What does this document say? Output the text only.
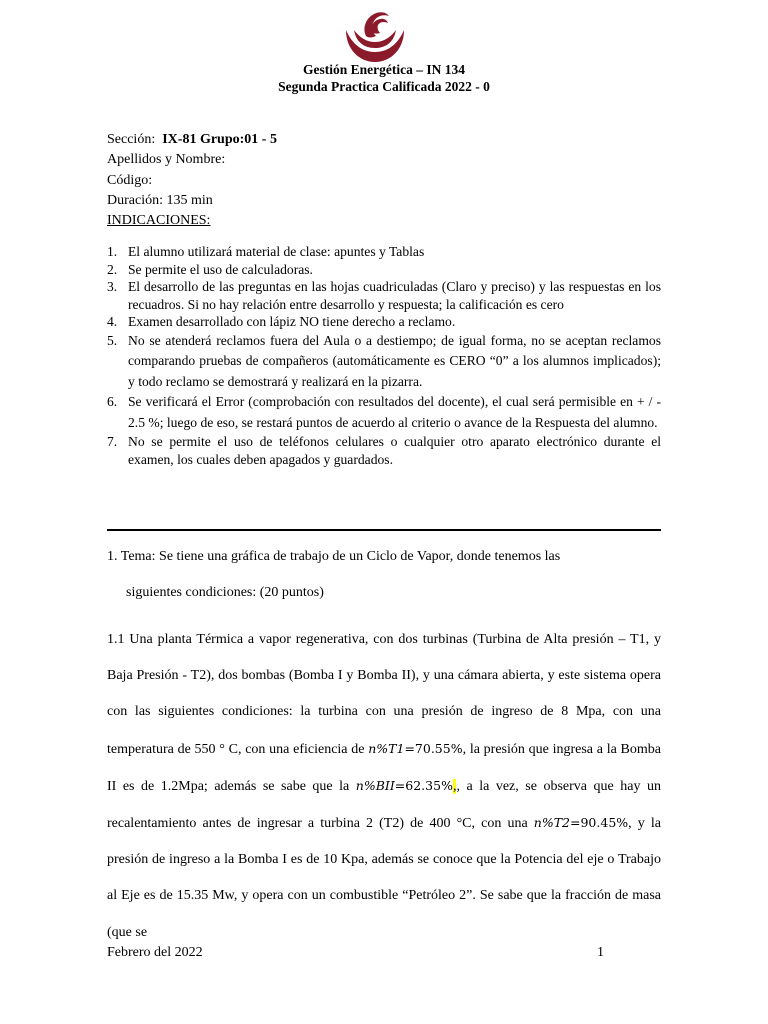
Gestión Energética – IN 134
Segunda Practica Calificada 2022 - 0
Sección: IX-81 Grupo:01 - 5
Apellidos y Nombre:
Código:
Duración: 135 min
INDICACIONES:
1. El alumno utilizará material de clase: apuntes y Tablas
2. Se permite el uso de calculadoras.
3. El desarrollo de las preguntas en las hojas cuadriculadas (Claro y preciso) y las respuestas en los recuadros. Si no hay relación entre desarrollo y respuesta; la calificación es cero
4. Examen desarrollado con lápiz NO tiene derecho a reclamo.
5. No se atenderá reclamos fuera del Aula o a destiempo; de igual forma, no se aceptan reclamos comparando pruebas de compañeros (automáticamente es CERO “0” a los alumnos implicados); y todo reclamo se demostrará y realizará en la pizarra.
6. Se verificará el Error (comprobación con resultados del docente), el cual será permisible en + / - 2.5 %; luego de eso, se restará puntos de acuerdo al criterio o avance de la Respuesta del alumno.
7. No se permite el uso de teléfonos celulares o cualquier otro aparato electrónico durante el examen, los cuales deben apagados y guardados.
1. Tema: Se tiene una gráfica de trabajo de un Ciclo de Vapor, donde tenemos las
siguientes condiciones: (20 puntos)

1.1 Una planta Térmica a vapor regenerativa, con dos turbinas (Turbina de Alta presión – T1, y Baja Presión - T2), dos bombas (Bomba I y Bomba II), y una cámara abierta, y este sistema opera con las siguientes condiciones: la turbina con una presión de ingreso de 8 Mpa, con una temperatura de 550 ° C, con una eficiencia de n%T1=70.55%, la presión que ingresa a la Bomba II es de 1.2Mpa; además se sabe que la n%BII=62.35%,, a la vez, se observa que hay un recalentamiento antes de ingresar a turbina 2 (T2) de 400 °C, con una n%T2=90.45%, y la presión de ingreso a la Bomba I es de 10 Kpa, además se conoce que la Potencia del eje o Trabajo al Eje es de 15.35 Mw, y opera con un combustible “Petróleo 2”. Se sabe que la fracción de masa (que se

Febrero del 2022	1
